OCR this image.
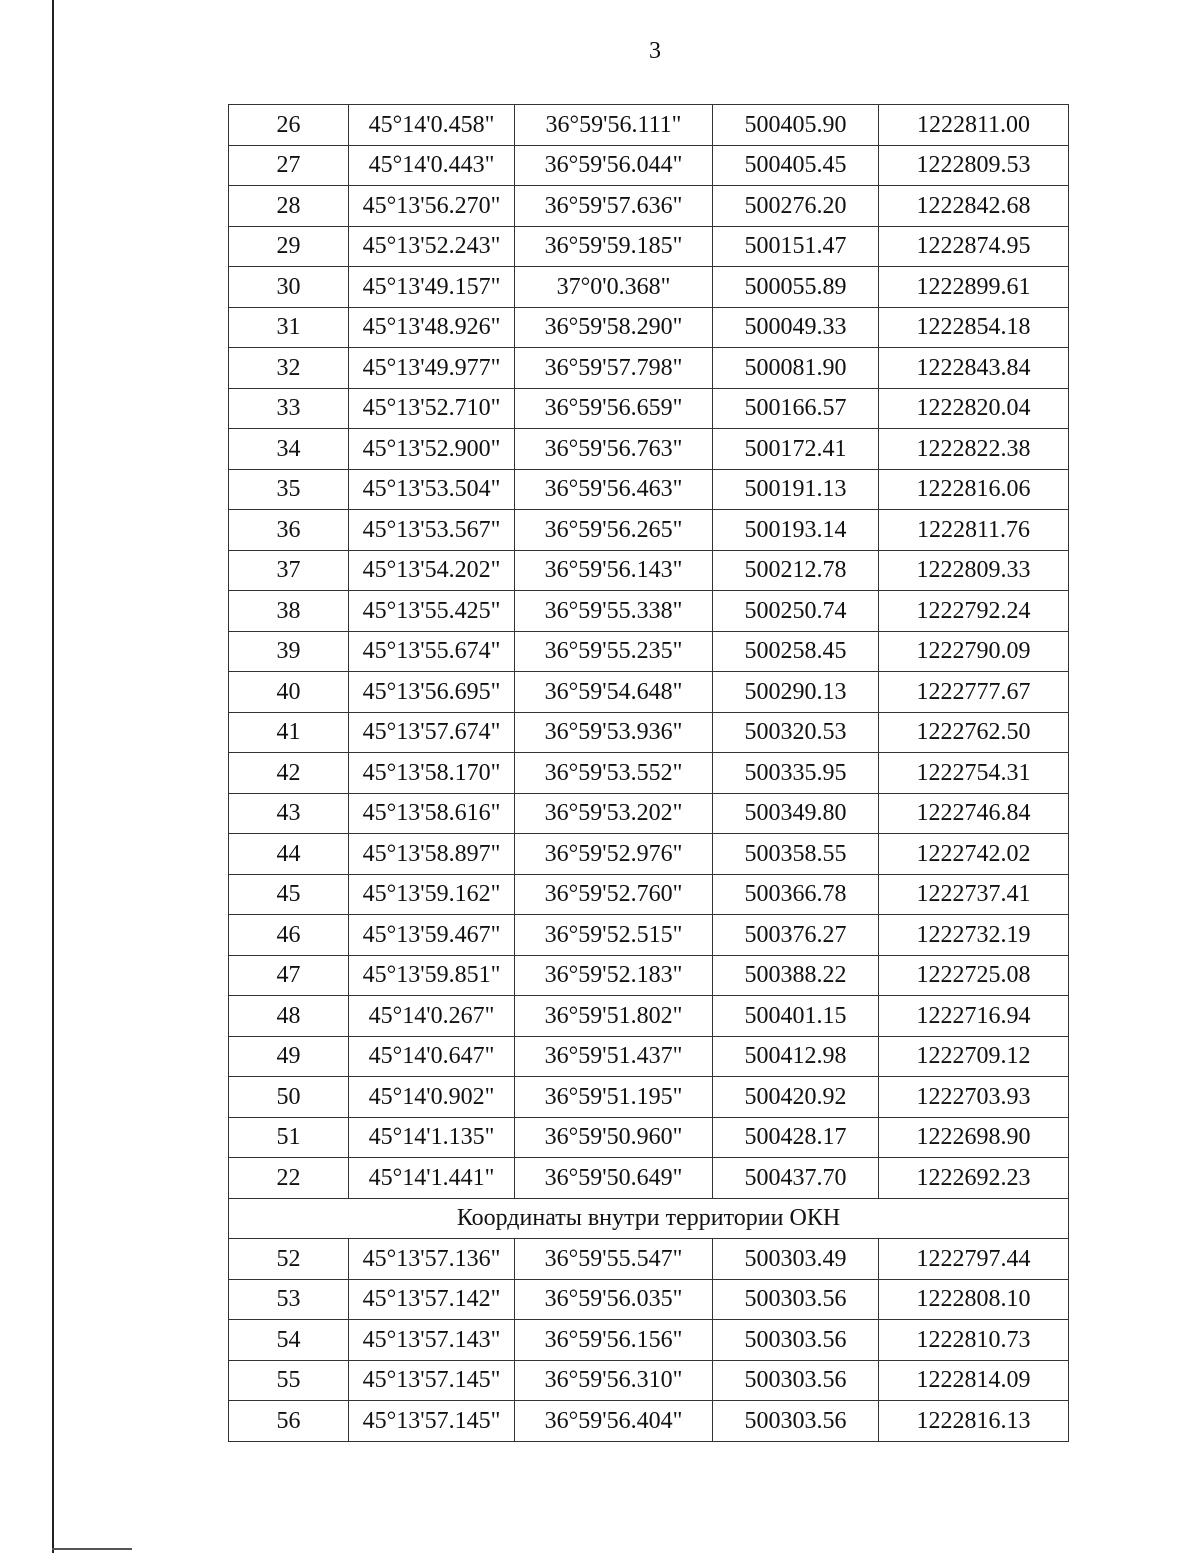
3
26	45°14'0.458"	36°59'56.111"	500405.90	1222811.00
27	45°14'0.443"	36°59'56.044"	500405.45	1222809.53
28	45°13'56.270"	36°59'57.636"	500276.20	1222842.68
29	45°13'52.243"	36°59'59.185"	500151.47	1222874.95
30	45°13'49.157"	37°0'0.368"	500055.89	1222899.61
31	45°13'48.926"	36°59'58.290"	500049.33	1222854.18
32	45°13'49.977"	36°59'57.798"	500081.90	1222843.84
33	45°13'52.710"	36°59'56.659"	500166.57	1222820.04
34	45°13'52.900"	36°59'56.763"	500172.41	1222822.38
35	45°13'53.504"	36°59'56.463"	500191.13	1222816.06
36	45°13'53.567"	36°59'56.265"	500193.14	1222811.76
37	45°13'54.202"	36°59'56.143"	500212.78	1222809.33
38	45°13'55.425"	36°59'55.338"	500250.74	1222792.24
39	45°13'55.674"	36°59'55.235"	500258.45	1222790.09
40	45°13'56.695"	36°59'54.648"	500290.13	1222777.67
41	45°13'57.674"	36°59'53.936"	500320.53	1222762.50
42	45°13'58.170"	36°59'53.552"	500335.95	1222754.31
43	45°13'58.616"	36°59'53.202"	500349.80	1222746.84
44	45°13'58.897"	36°59'52.976"	500358.55	1222742.02
45	45°13'59.162"	36°59'52.760"	500366.78	1222737.41
46	45°13'59.467"	36°59'52.515"	500376.27	1222732.19
47	45°13'59.851"	36°59'52.183"	500388.22	1222725.08
48	45°14'0.267"	36°59'51.802"	500401.15	1222716.94
49	45°14'0.647"	36°59'51.437"	500412.98	1222709.12
50	45°14'0.902"	36°59'51.195"	500420.92	1222703.93
51	45°14'1.135"	36°59'50.960"	500428.17	1222698.90
22	45°14'1.441"	36°59'50.649"	500437.70	1222692.23
Координаты внутри территории ОКН				
52	45°13'57.136"	36°59'55.547"	500303.49	1222797.44
53	45°13'57.142"	36°59'56.035"	500303.56	1222808.10
54	45°13'57.143"	36°59'56.156"	500303.56	1222810.73
55	45°13'57.145"	36°59'56.310"	500303.56	1222814.09
56	45°13'57.145"	36°59'56.404"	500303.56	1222816.13
